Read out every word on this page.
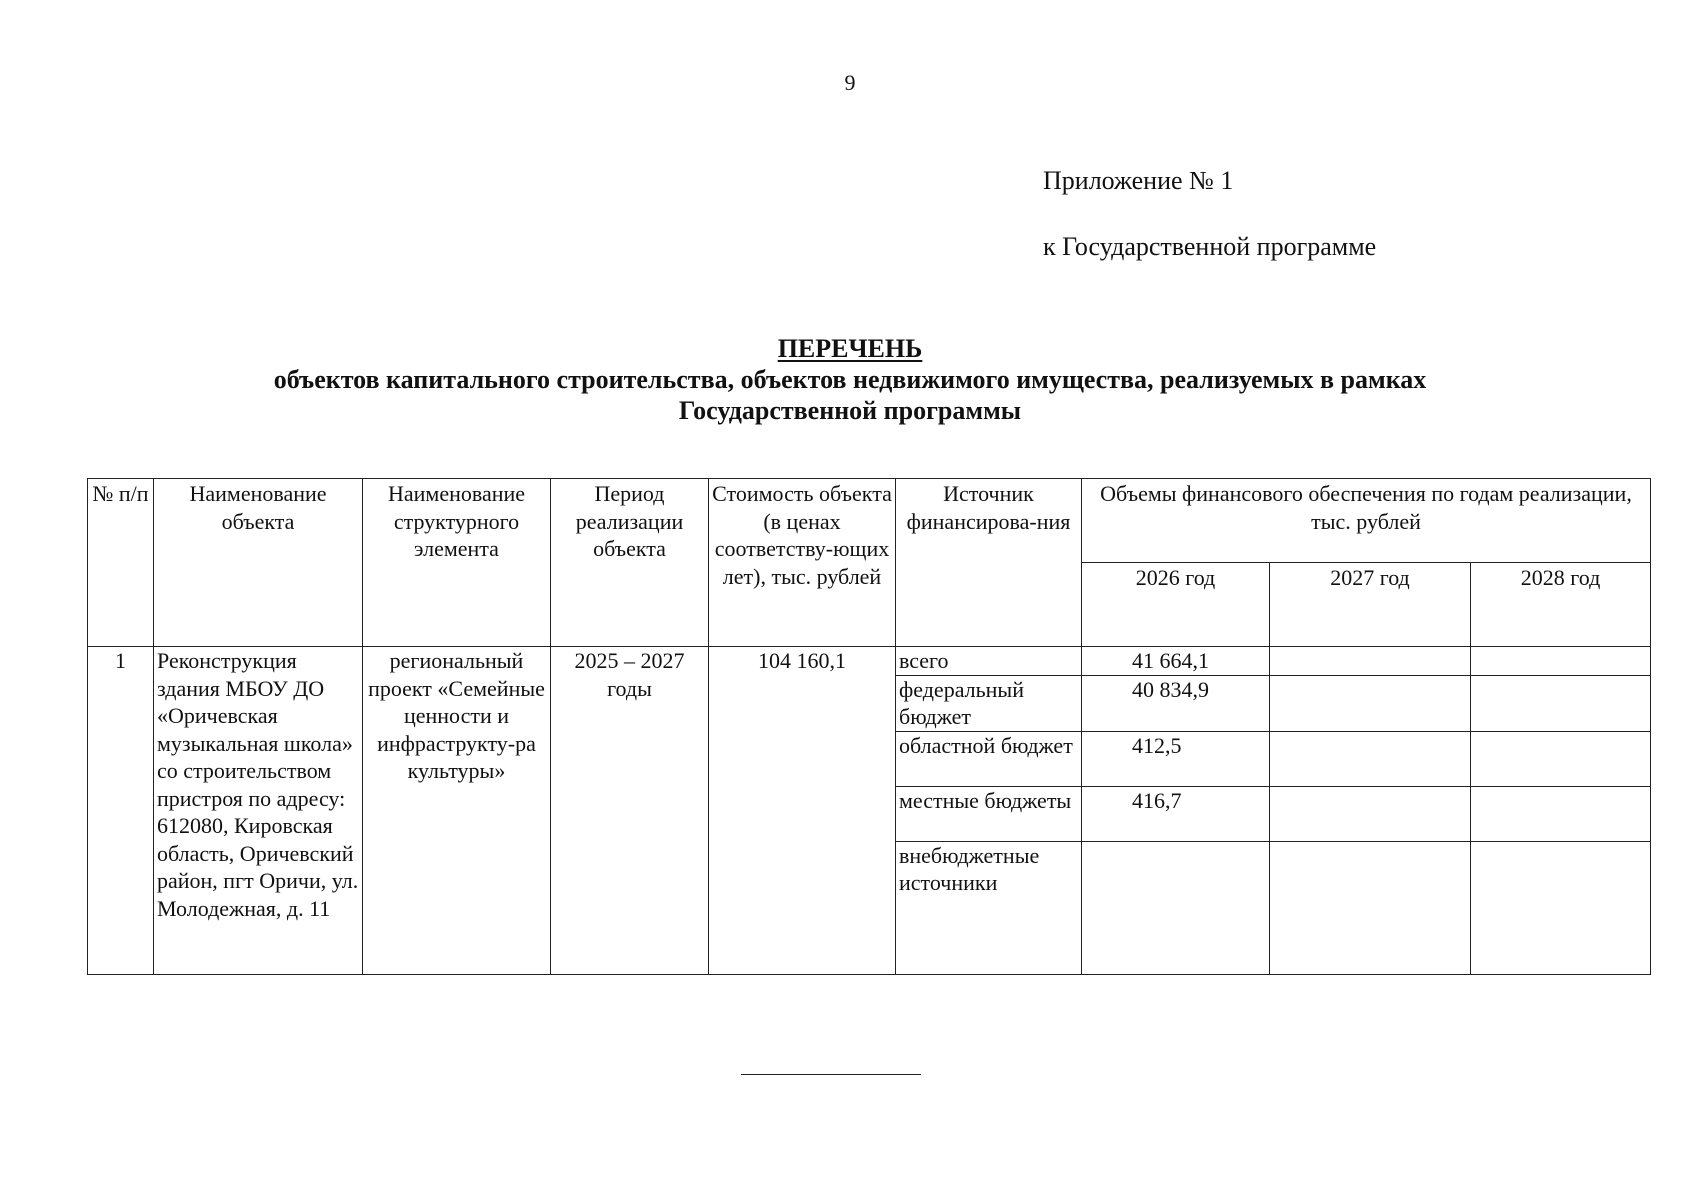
9
Приложение № 1
к Государственной программе
ПЕРЕЧЕНЬ
объектов капитального строительства, объектов недвижимого имущества, реализуемых в рамках
Государственной программы
№ п/п	Наименование объекта	Наименование структурного элемента	Период реализации объекта	Стоимость объекта (в ценах соответству-ющих лет), тыс. рублей	Источник финансирова-ния	Объемы финансового обеспечения по годам реализации, тыс. рублей		
						2026 год	2027 год	2028 год
1	Реконструкция здания МБОУ ДО «Оричевская музыкальная школа» со строительством пристроя по адресу: 612080, Кировская область, Оричевский район, пгт Оричи, ул. Молодежная, д. 11	региональный проект «Семейные ценности и инфраструкту-ра культуры»	2025 – 2027 годы	104 160,1	всего	41 664,1		
					федеральный бюджет	40 834,9		
					областной бюджет	412,5		
					местные бюджеты	416,7		
					внебюджетные источники			
